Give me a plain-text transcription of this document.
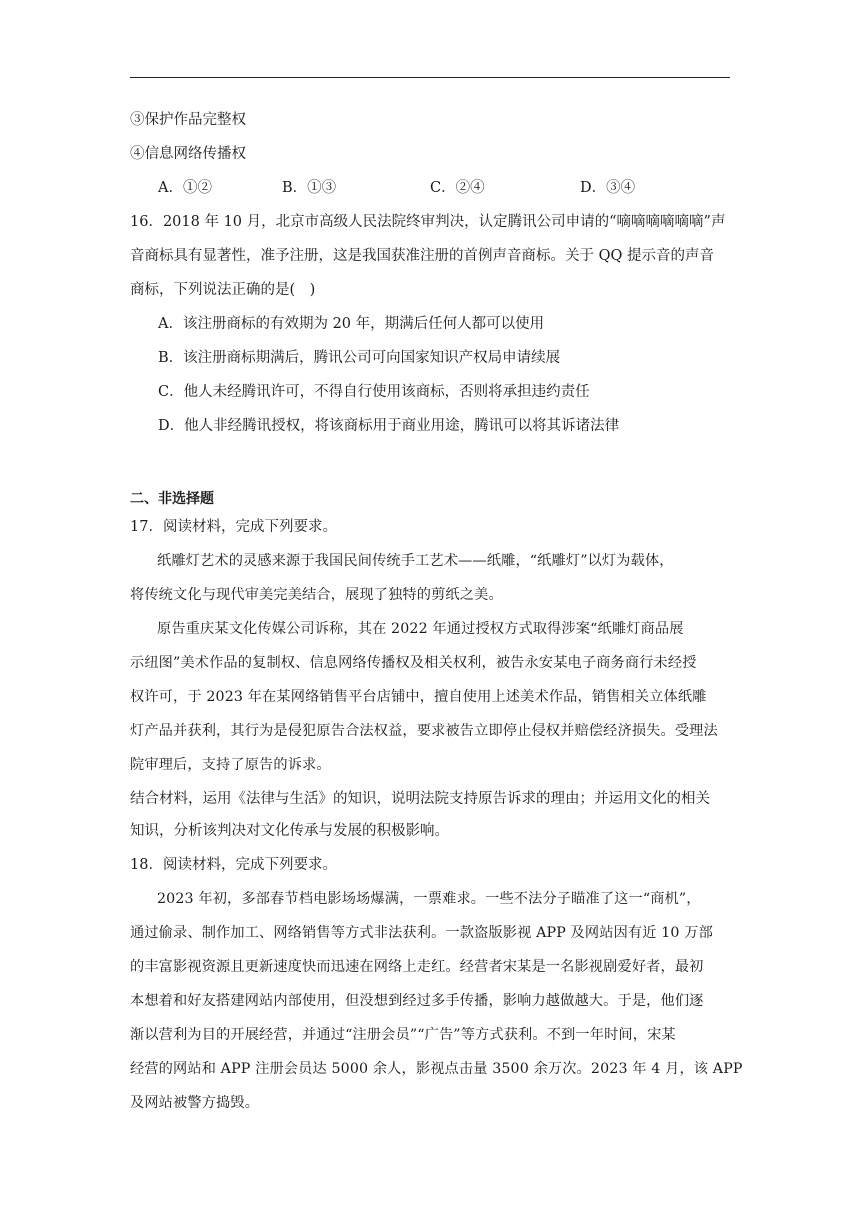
③保护作品完整权
④信息网络传播权
A．①②	B．①③	C．②④	D．③④
16．2018 年 10 月，北京市高级人民法院终审判决，认定腾讯公司申请的“嘀嘀嘀嘀嘀嘀”声
音商标具有显著性，准予注册，这是我国获准注册的首例声音商标。关于 QQ 提示音的声音
商标，下列说法正确的是(　)
A．该注册商标的有效期为 20 年，期满后任何人都可以使用
B．该注册商标期满后，腾讯公司可向国家知识产权局申请续展
C．他人未经腾讯许可，不得自行使用该商标，否则将承担违约责任
D．他人非经腾讯授权，将该商标用于商业用途，腾讯可以将其诉诸法律
二、非选择题
17．阅读材料，完成下列要求。
纸雕灯艺术的灵感来源于我国民间传统手工艺术——纸雕，“纸雕灯”以灯为载体，
将传统文化与现代审美完美结合，展现了独特的剪纸之美。
原告重庆某文化传媒公司诉称，其在 2022 年通过授权方式取得涉案“纸雕灯商品展
示纽图”美术作品的复制权、信息网络传播权及相关权利，被告永安某电子商务商行未经授
权许可，于 2023 年在某网络销售平台店铺中，擅自使用上述美术作品，销售相关立体纸雕
灯产品并获利，其行为是侵犯原告合法权益，要求被告立即停止侵权并赔偿经济损失。受理法
院审理后，支持了原告的诉求。
结合材料，运用《法律与生活》的知识，说明法院支持原告诉求的理由；并运用文化的相关
知识，分析该判决对文化传承与发展的积极影响。
18．阅读材料，完成下列要求。
2023 年初，多部春节档电影场场爆满，一票难求。一些不法分子瞄准了这一“商机”，
通过偷录、制作加工、网络销售等方式非法获利。一款盗版影视 APP 及网站因有近 10 万部
的丰富影视资源且更新速度快而迅速在网络上走红。经营者宋某是一名影视剧爱好者，最初
本想着和好友搭建网站内部使用，但没想到经过多手传播，影响力越做越大。于是，他们逐
渐以营利为目的开展经营，并通过“注册会员”“广告”等方式获利。不到一年时间，宋某
经营的网站和 APP 注册会员达 5000 余人，影视点击量 3500 余万次。2023 年 4 月，该 APP
及网站被警方捣毁。
